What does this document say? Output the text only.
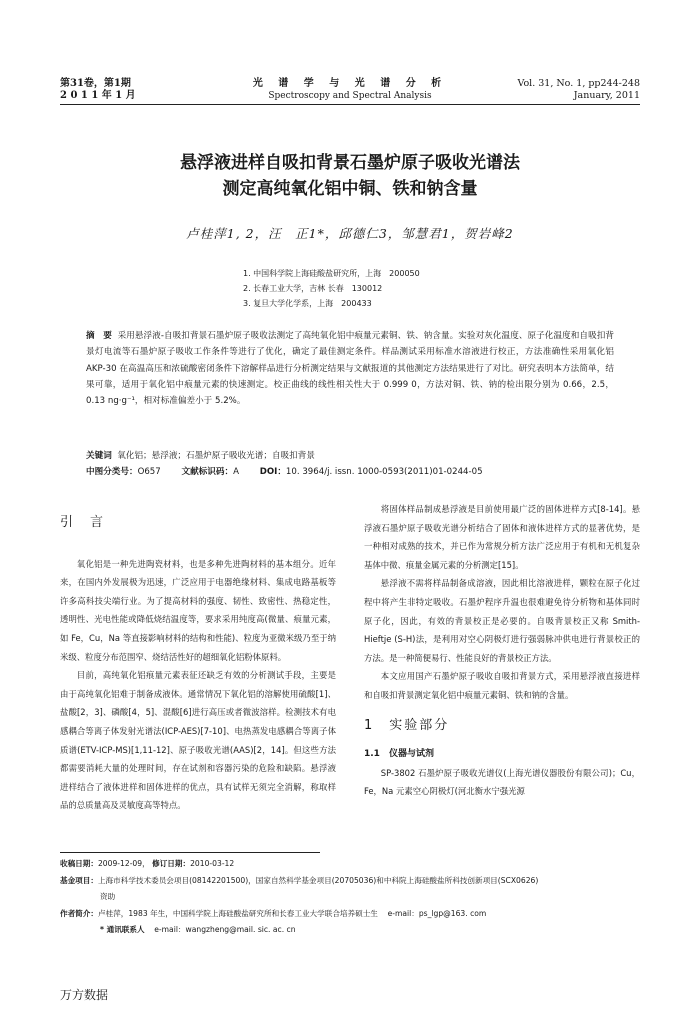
第31卷，第1期
2 0 1 1 年 1 月
光 谱 学 与 光 谱 分 析
Spectroscopy and Spectral Analysis
Vol. 31, No. 1, pp244-248
January, 2011
悬浮液进样自吸扣背景石墨炉原子吸收光谱法
测定高纯氧化铝中铜、铁和钠含量
卢桂萍1, 2，汪　正1*，邱德仁3，邹慧君1，贺岩峰2
1. 中国科学院上海硅酸盐研究所，上海　200050
2. 长春工业大学，吉林 长春　130012
3. 复旦大学化学系，上海　200433
摘　要 采用悬浮液-自吸扣背景石墨炉原子吸收法测定了高纯氧化铝中痕量元素铜、铁、钠含量。实验对灰化温度、原子化温度和自吸扣背景灯电流等石墨炉原子吸收工作条件等进行了优化，确定了最佳测定条件。样品测试采用标准水溶液进行校正，方法准确性采用氧化铝 AKP-30 在高温高压和浓硫酸密闭条件下溶解样品进行分析测定结果与文献报道的其他测定方法结果进行了对比。研究表明本方法简单，结果可靠，适用于氧化铝中痕量元素的快速测定。校正曲线的线性相关性大于 0.999 0，方法对铜、铁、钠的检出限分别为 0.66，2.5，0.13 ng·g⁻¹，相对标准偏差小于 5.2%。
关键词 氧化铝；悬浮液；石墨炉原子吸收光谱；自吸扣背景
中图分类号：O657 文献标识码：A DOI：10. 3964/j. issn. 1000-0593(2011)01-0244-05
引　言

氧化铝是一种先进陶瓷材料，也是多种先进陶材料的基本组分。近年来，在国内外发展极为迅速，广泛应用于电器绝缘材料、集成电路基板等许多高科技尖端行业。为了提高材料的强度、韧性、致密性、热稳定性，透明性、光电性能或降低烧结温度等，要求采用纯度高(微量、痕量元素，如 Fe，Cu，Na 等直接影响材料的结构和性能)、粒度为亚微米级乃至于纳米级、粒度分布范围窄、烧结活性好的超细氧化铝粉体原料。

目前，高纯氧化铝痕量元素表征还缺乏有效的分析测试手段，主要是由于高纯氧化铝难于制备成液体。通常情况下氧化铝的溶解使用硫酸[1]、盐酸[2，3]、磷酸[4，5]、混酸[6]进行高压或者微波溶样。检测技术有电感耦合等离子体发射光谱法(ICP-AES)[7-10]、电热蒸发电感耦合等离子体质谱(ETV-ICP-MS)[1,11-12]、原子吸收光谱(AAS)[2，14]。但这些方法都需要消耗大量的处理时间，存在试剂和容器污染的危险和缺陷。悬浮液进样结合了液体进样和固体进样的优点，具有试样无须完全消解，称取样品的总质量高及灵敏度高等特点。

将固体样品制成悬浮液是目前使用最广泛的固体进样方式[8-14]。悬浮液石墨炉原子吸收光谱分析结合了固体和液体进样方式的显著优势，是一种相对成熟的技术，并已作为常规分析方法广泛应用于有机和无机复杂基体中微、痕量金属元素的分析测定[15]。

悬浮液不需将样品制备成溶液，因此相比溶液进样，颗粒在原子化过程中将产生非特定吸收。石墨炉程序升温也很难避免待分析物和基体同时原子化，因此，有效的背景校正是必要的。自吸背景校正又称 Smith-Hieftje (S-H)法，是利用对空心阴极灯进行强弱脉冲供电进行背景校正的方法。是一种简便易行、性能良好的背景校正方法。

本文应用国产石墨炉原子吸收自吸扣背景方式，采用悬浮液直接进样和自吸扣背景测定氧化铝中痕量元素铜、铁和钠的含量。

1　实验部分
1.1　仪器与试剂

SP-3802 石墨炉原子吸收光谱仪(上海光谱仪器股份有限公司)；Cu，Fe，Na 元素空心阴极灯(河北衡水宁强光源

收稿日期：2009-12-09， 修订日期：2010-03-12
基金项目：上海市科学技术委员会项目(08142201500)，国家自然科学基金项目(20705036)和中科院上海硅酸盐所科技创新项目(SCX0626)
资助
作者简介：卢桂萍，1983 年生，中国科学院上海硅酸盐研究所和长春工业大学联合培养硕士生 e-mail：ps_lgp@163. com
* 通讯联系人 e-mail：wangzheng@mail. sic. ac. cn
万方数据
